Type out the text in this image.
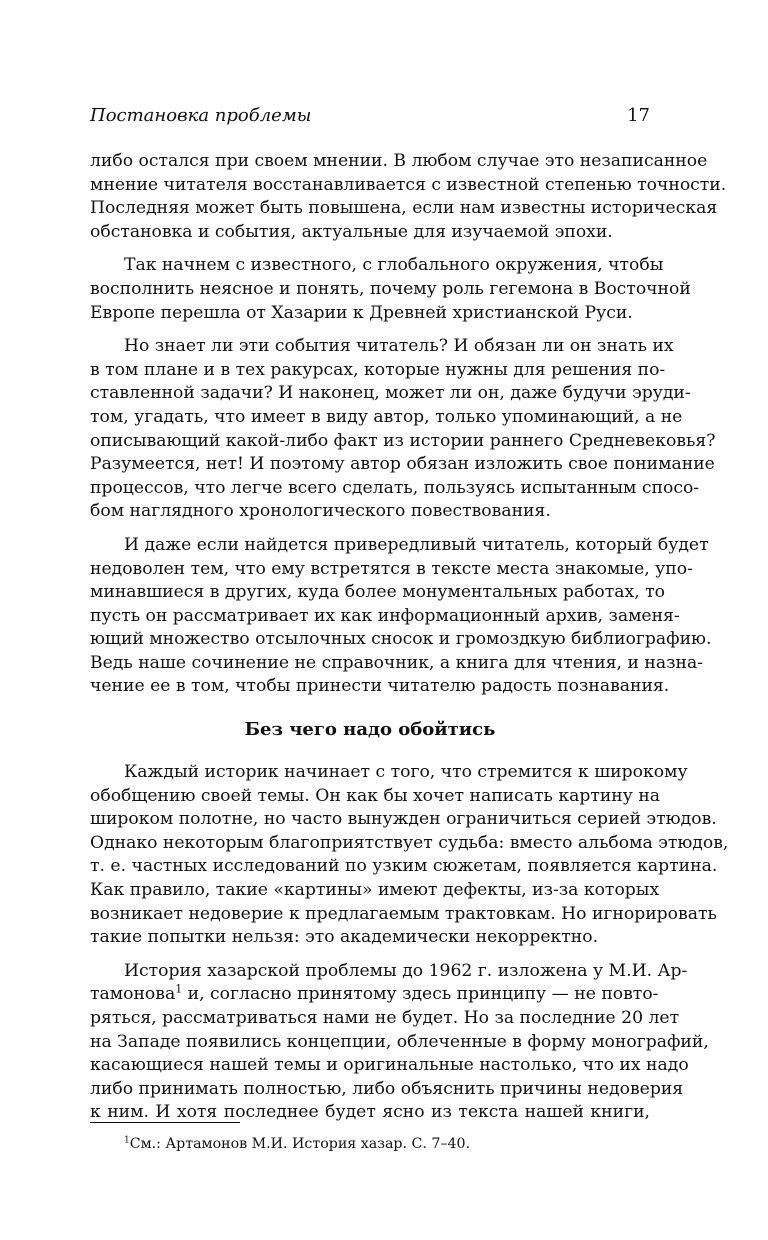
Постановка проблемы	17
либо остался при своем мнении. В любом случае это незаписанное
мнение читателя восстанавливается с известной степенью точности.
Последняя может быть повышена, если нам известны историческая
обстановка и события, актуальные для изучаемой эпохи.
Так начнем с известного, с глобального окружения, чтобы
восполнить неясное и понять, почему роль гегемона в Восточной
Европе перешла от Хазарии к Древней христианской Руси.
Но знает ли эти события читатель? И обязан ли он знать их
в том плане и в тех ракурсах, которые нужны для решения по-
ставленной задачи? И наконец, может ли он, даже будучи эруди-
том, угадать, что имеет в виду автор, только упоминающий, а не
описывающий какой-либо факт из истории раннего Средневековья?
Разумеется, нет! И поэтому автор обязан изложить свое понимание
процессов, что легче всего сделать, пользуясь испытанным спосо-
бом наглядного хронологического повествования.
И даже если найдется привередливый читатель, который будет
недоволен тем, что ему встретятся в тексте места знакомые, упо-
минавшиеся в других, куда более монументальных работах, то
пусть он рассматривает их как информационный архив, заменя-
ющий множество отсылочных сносок и громоздкую библиографию.
Ведь наше сочинение не справочник, а книга для чтения, и назна-
чение ее в том, чтобы принести читателю радость познавания.
Без чего надо обойтись
Каждый историк начинает с того, что стремится к широкому
обобщению своей темы. Он как бы хочет написать картину на
широком полотне, но часто вынужден ограничиться серией этюдов.
Однако некоторым благоприятствует судьба: вместо альбома этюдов,
т. е. частных исследований по узким сюжетам, появляется картина.
Как правило, такие «картины» имеют дефекты, из-за которых
возникает недоверие к предлагаемым трактовкам. Но игнорировать
такие попытки нельзя: это академически некорректно.
История хазарской проблемы до 1962 г. изложена у М.И. Ар-
тамонова$^1$ и, согласно принятому здесь принципу — не повто-
ряться, рассматриваться нами не будет. Но за последние 20 лет
на Западе появились концепции, облеченные в форму монографий,
касающиеся нашей темы и оригинальные настолько, что их надо
либо принимать полностью, либо объяснить причины недоверия
к ним. И хотя последнее будет ясно из текста нашей книги,
$^1$См.: Артамонов М.И. История хазар. С. 7–40.
